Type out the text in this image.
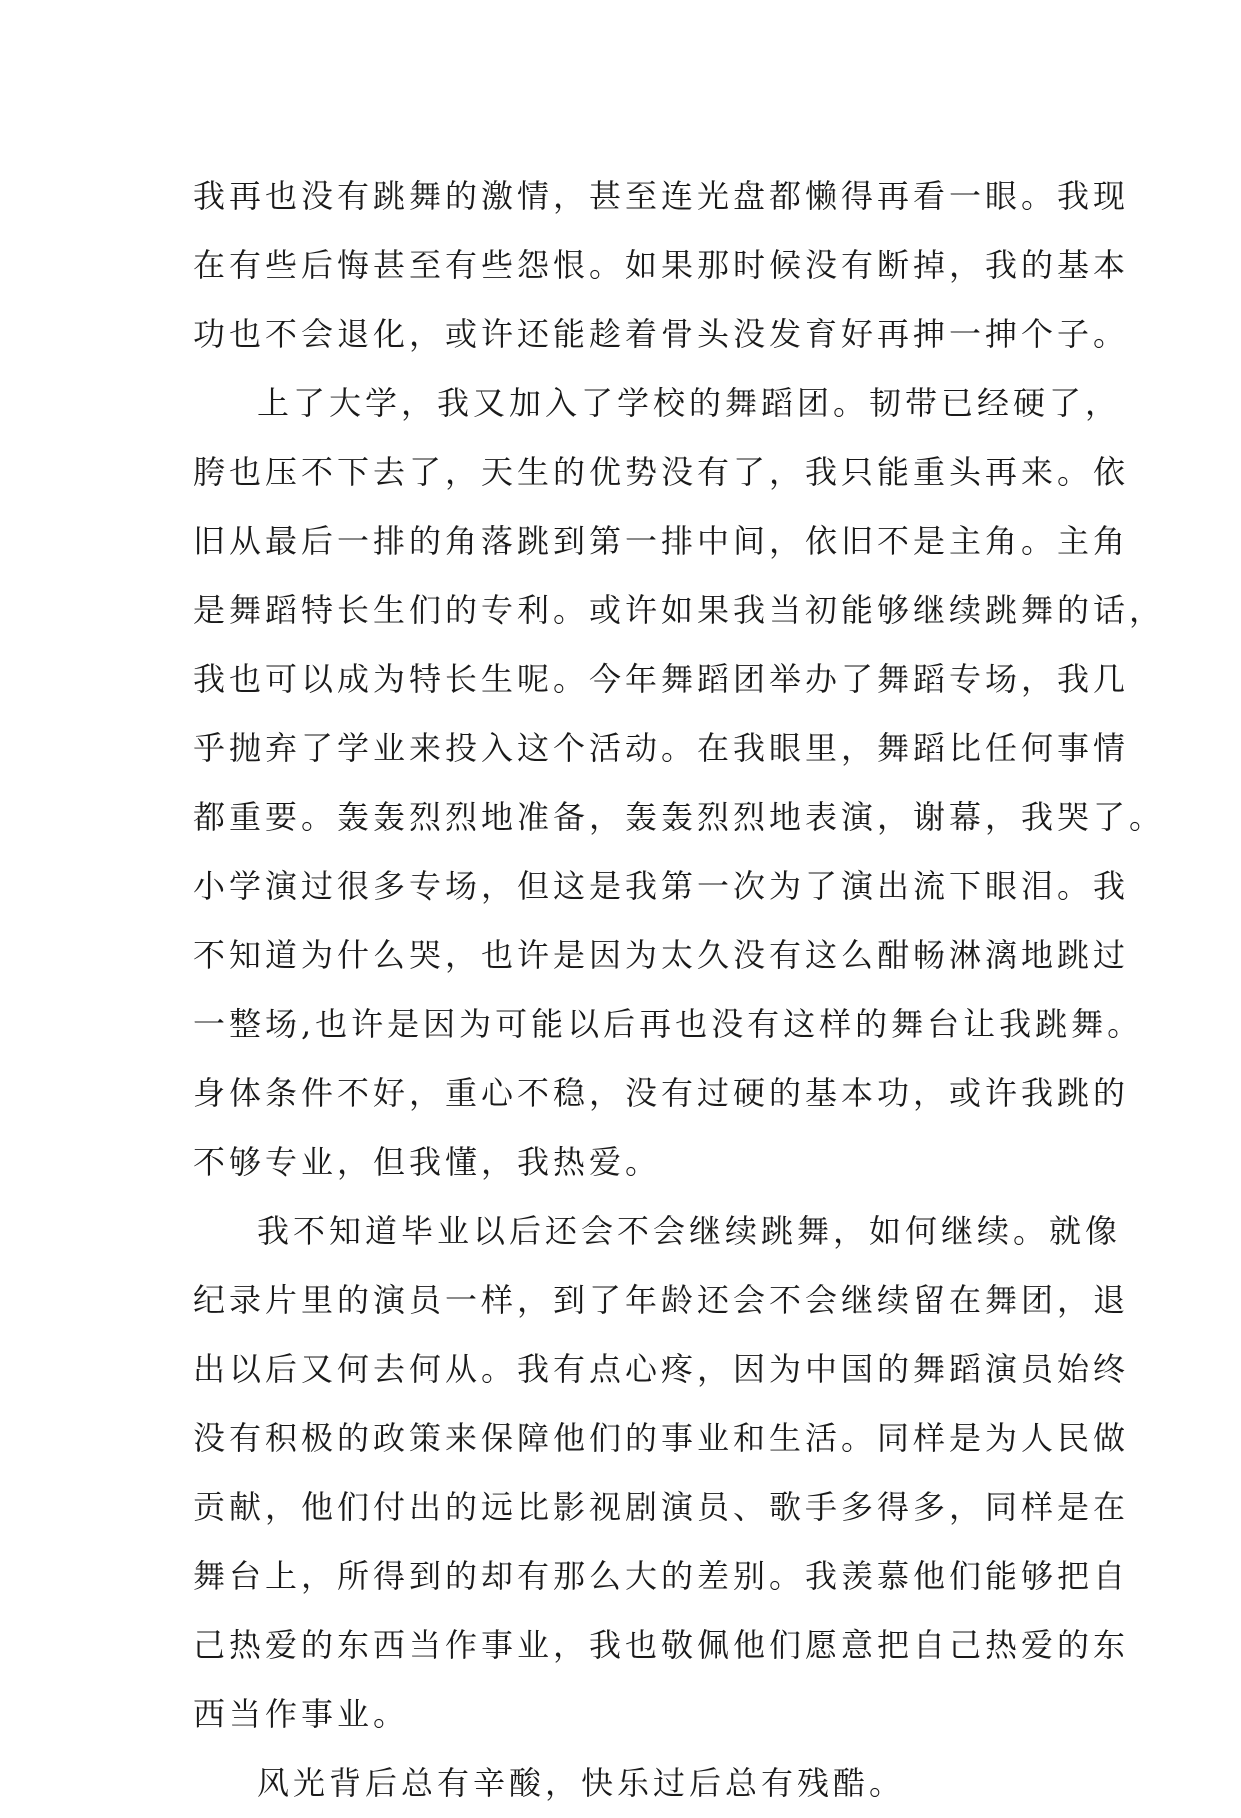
我再也没有跳舞的激情，甚至连光盘都懒得再看一眼。我现
在有些后悔甚至有些怨恨。如果那时候没有断掉，我的基本
功也不会退化，或许还能趁着骨头没发育好再抻一抻个子。
上了大学，我又加入了学校的舞蹈团。韧带已经硬了，
胯也压不下去了，天生的优势没有了，我只能重头再来。依
旧从最后一排的角落跳到第一排中间，依旧不是主角。主角
是舞蹈特长生们的专利。或许如果我当初能够继续跳舞的话，
我也可以成为特长生呢。今年舞蹈团举办了舞蹈专场，我几
乎抛弃了学业来投入这个活动。在我眼里，舞蹈比任何事情
都重要。轰轰烈烈地准备，轰轰烈烈地表演，谢幕，我哭了。
小学演过很多专场，但这是我第一次为了演出流下眼泪。我
不知道为什么哭，也许是因为太久没有这么酣畅淋漓地跳过
一整场,也许是因为可能以后再也没有这样的舞台让我跳舞。
身体条件不好，重心不稳，没有过硬的基本功，或许我跳的
不够专业，但我懂，我热爱。
我不知道毕业以后还会不会继续跳舞，如何继续。就像
纪录片里的演员一样，到了年龄还会不会继续留在舞团，退
出以后又何去何从。我有点心疼，因为中国的舞蹈演员始终
没有积极的政策来保障他们的事业和生活。同样是为人民做
贡献，他们付出的远比影视剧演员、歌手多得多，同样是在
舞台上，所得到的却有那么大的差别。我羡慕他们能够把自
己热爱的东西当作事业，我也敬佩他们愿意把自己热爱的东
西当作事业。
风光背后总有辛酸，快乐过后总有残酷。
